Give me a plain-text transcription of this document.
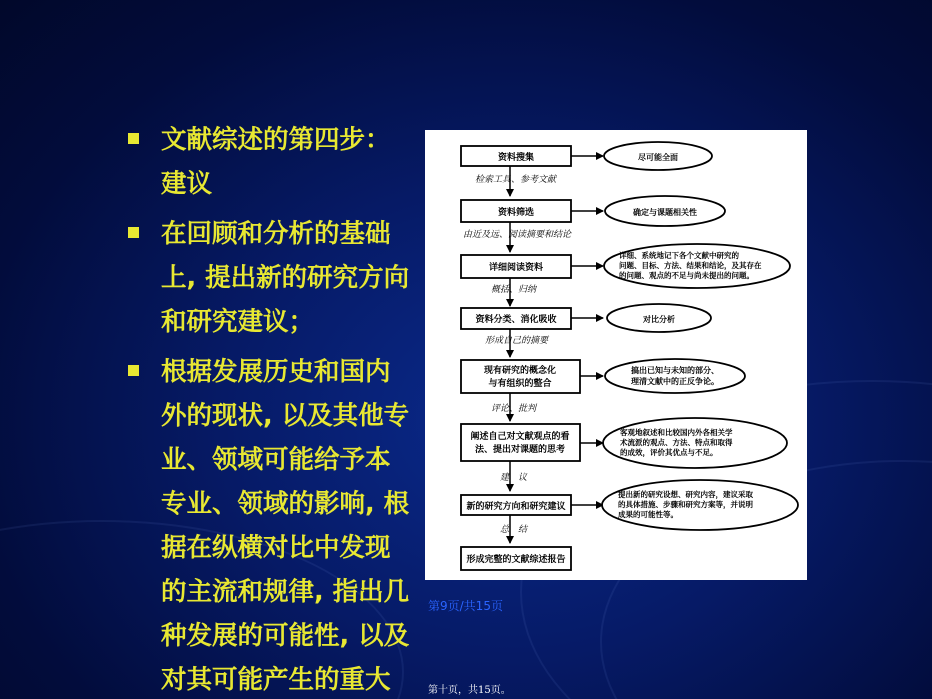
文献综述的第四步：
建议
在回顾和分析的基础
上, 提出新的研究方向
和研究建议；
根据发展历史和国内
外的现状, 以及其他专
业、领域可能给予本
专业、领域的影响, 根
据在纵横对比中发现
的主流和规律, 指出几
种发展的可能性, 以及
对其可能产生的重大
资料搜集
资料筛选
详细阅读资料
资料分类、消化吸收
现有研究的概念化
与有组织的整合
阐述自己对文献观点的看
法、提出对课题的思考
新的研究方向和研究建议
形成完整的文献综述报告
检索工具、参考文献
由近及远、阅读摘要和结论
概括、归纳
形成自己的摘要
评论、批判
建　议
总　结
尽可能全面
确定与课题相关性
详细、系统地记下各个文献中研究的
问题、目标、方法、结果和结论，及其存在
的问题、观点的不足与尚未提出的问题。
对比分析
搞出已知与未知的部分、
理清文献中的正反争论。
客观地叙述和比较国内外各相关学
术流派的观点、方法、特点和取得
的成效，评价其优点与不足。
提出新的研究设想、研究内容，建议采取
的具体措施、步骤和研究方案等，并说明
成果的可能性等。
第9页/共15页
第十页，共15页。
